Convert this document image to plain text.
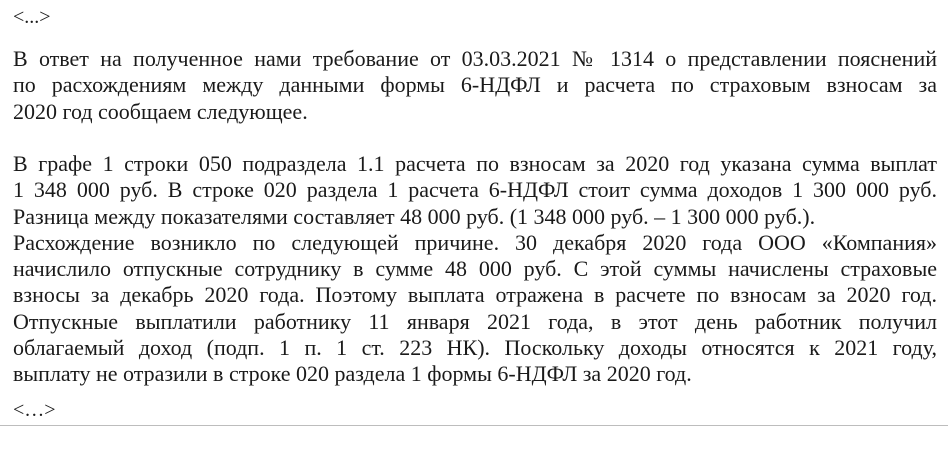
<...>
В ответ на полученное нами требование от 03.03.2021 № 1314 о представлении пояснений
по расхождениям между данными формы 6-НДФЛ и расчета по страховым взносам за
2020 год сообщаем следующее.
В графе 1 строки 050 подраздела 1.1 расчета по взносам за 2020 год указана сумма выплат
1 348 000 руб. В строке 020 раздела 1 расчета 6-НДФЛ стоит сумма доходов 1 300 000 руб.
Разница между показателями составляет 48 000 руб. (1 348 000 руб. – 1 300 000 руб.).
Расхождение возникло по следующей причине. 30 декабря 2020 года ООО «Компания»
начислило отпускные сотруднику в сумме 48 000 руб. С этой суммы начислены страховые
взносы за декабрь 2020 года. Поэтому выплата отражена в расчете по взносам за 2020 год.
Отпускные выплатили работнику 11 января 2021 года, в этот день работник получил
облагаемый доход (подп. 1 п. 1 ст. 223 НК). Поскольку доходы относятся к 2021 году,
выплату не отразили в строке 020 раздела 1 формы 6-НДФЛ за 2020 год.
<…>
